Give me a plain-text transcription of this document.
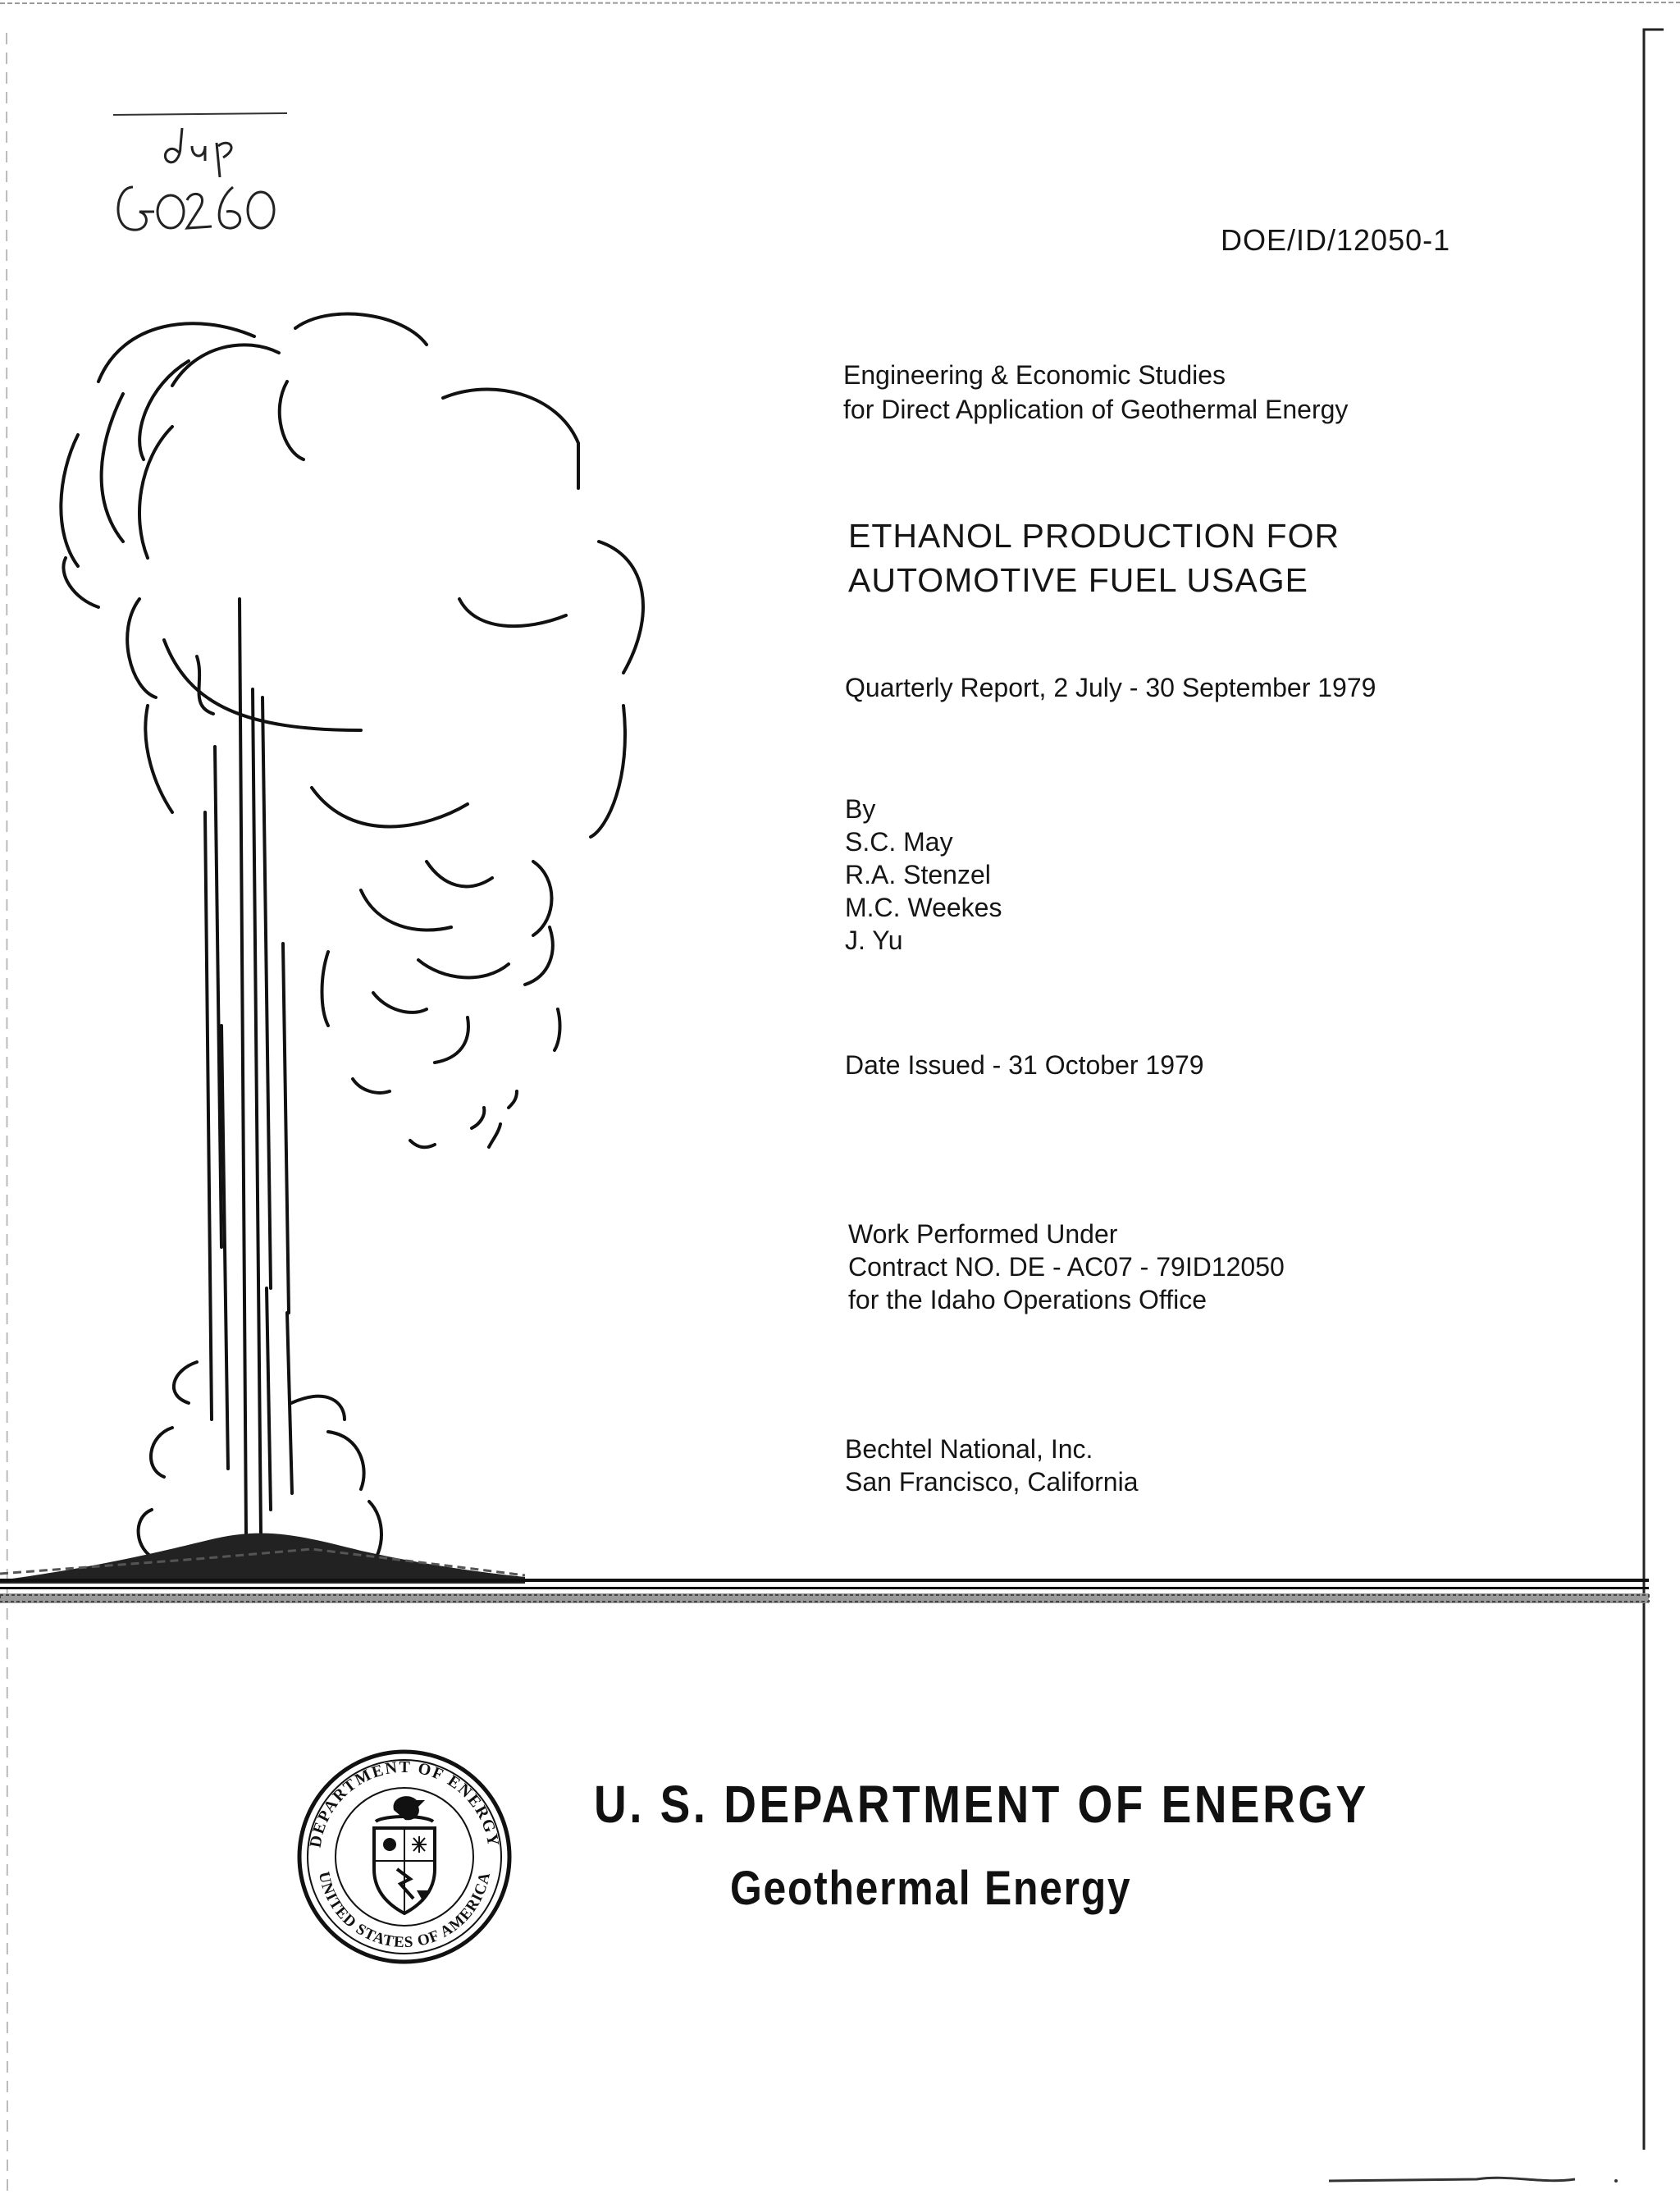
DOE/ID/12050-1
Engineering & Economic Studies
for Direct Application of Geothermal Energy
ETHANOL PRODUCTION FOR
AUTOMOTIVE FUEL USAGE
Quarterly Report, 2 July - 30 September 1979
By
S.C. May
R.A. Stenzel
M.C. Weekes
J. Yu
Date Issued - 31 October 1979
Work Performed Under
Contract NO. DE - AC07 - 79ID12050
for the Idaho Operations Office
Bechtel National, Inc.
San Francisco, California
DEPARTMENT OF ENERGY
UNITED STATES OF AMERICA
U. S. DEPARTMENT OF ENERGY
Geothermal Energy
